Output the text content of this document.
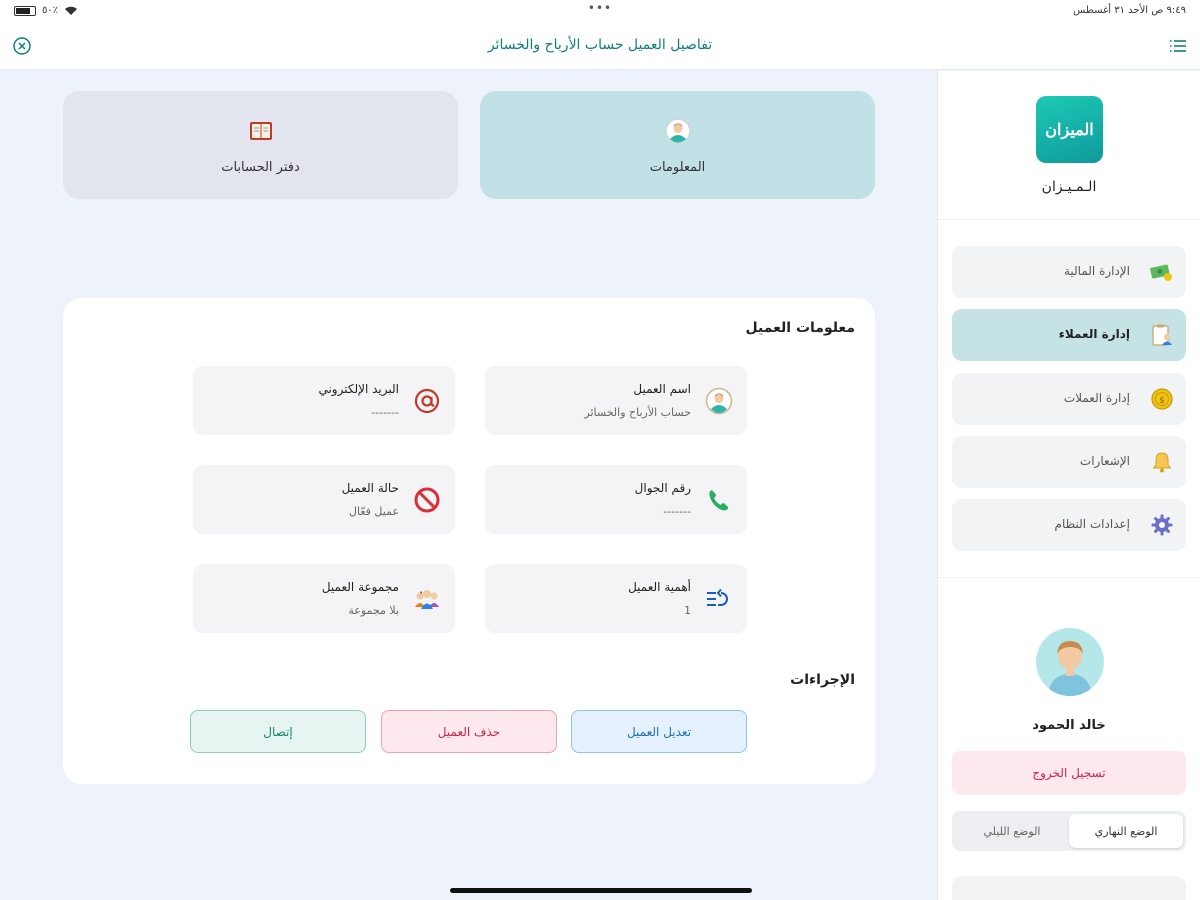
٥٠٪	•••	٩:٤٩ ص الأحد ٣١ أغسطس
تفاصيل العميل حساب الأرباح والخسائر
المعلومات
دفتر الحسابات
معلومات العميل
اسم العميل
حساب الأرباح والخسائر
البريد الإلكتروني
-------
رقم الجوال
-------
حالة العميل
عميل فعّال
أهمية العميل
1
مجموعة العميل
بلا مجموعة
الإجراءات
تعديل العميل
حذف العميل
إتصال
الميزان
الـمـيـزان
الإدارة المالية
إدارة العملاء
$
إدارة العملات
الإشعارات
إعدادات النظام
خالد الحمود
تسجيل الخروج
الوضع النهاري
الوضع الليلي
